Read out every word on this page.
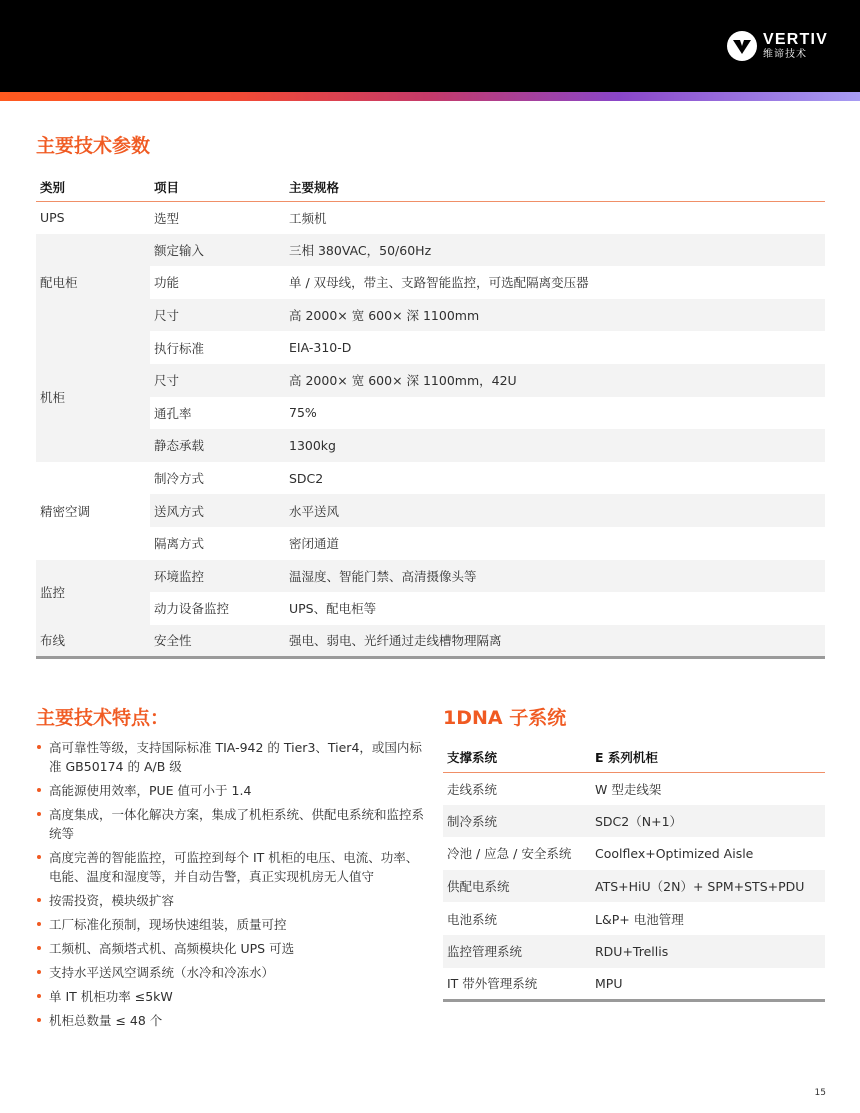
VERTIV
维谛技术
主要技术参数
类别	项目	主要规格
UPS	选型	工频机
配电柜	额定输入	三相 380VAC，50/60Hz
	功能	单 / 双母线，带主、支路智能监控，可选配隔离变压器
	尺寸	高 2000× 宽 600× 深 1100mm
机柜	执行标准	EIA-310-D
	尺寸	高 2000× 宽 600× 深 1100mm，42U
	通孔率	75%
	静态承载	1300kg
精密空调	制冷方式	SDC2
	送风方式	水平送风
	隔离方式	密闭通道
监控	环境监控	温湿度、智能门禁、高清摄像头等
	动力设备监控	UPS、配电柜等
布线	安全性	强电、弱电、光纤通过走线槽物理隔离
主要技术特点：
高可靠性等级，支持国际标准 TIA-942 的 Tier3、Tier4，或国内标准 GB50174 的 A/B 级
高能源使用效率，PUE 值可小于 1.4
高度集成，一体化解决方案，集成了机柜系统、供配电系统和监控系统等
高度完善的智能监控，可监控到每个 IT 机柜的电压、电流、功率、电能、温度和湿度等，并自动告警，真正实现机房无人值守
按需投资，模块级扩容
工厂标准化预制，现场快速组装，质量可控
工频机、高频塔式机、高频模块化 UPS 可选
支持水平送风空调系统（水冷和冷冻水）
单 IT 机柜功率 ≤5kW
机柜总数量 ≤ 48 个
1DNA 子系统
支撑系统	E 系列机柜
走线系统	W 型走线架
制冷系统	SDC2（N+1）
冷池 / 应急 / 安全系统	Coolflex+Optimized Aisle
供配电系统	ATS+HiU（2N）+ SPM+STS+PDU
电池系统	L&P+ 电池管理
监控管理系统	RDU+Trellis
IT 带外管理系统	MPU
15
